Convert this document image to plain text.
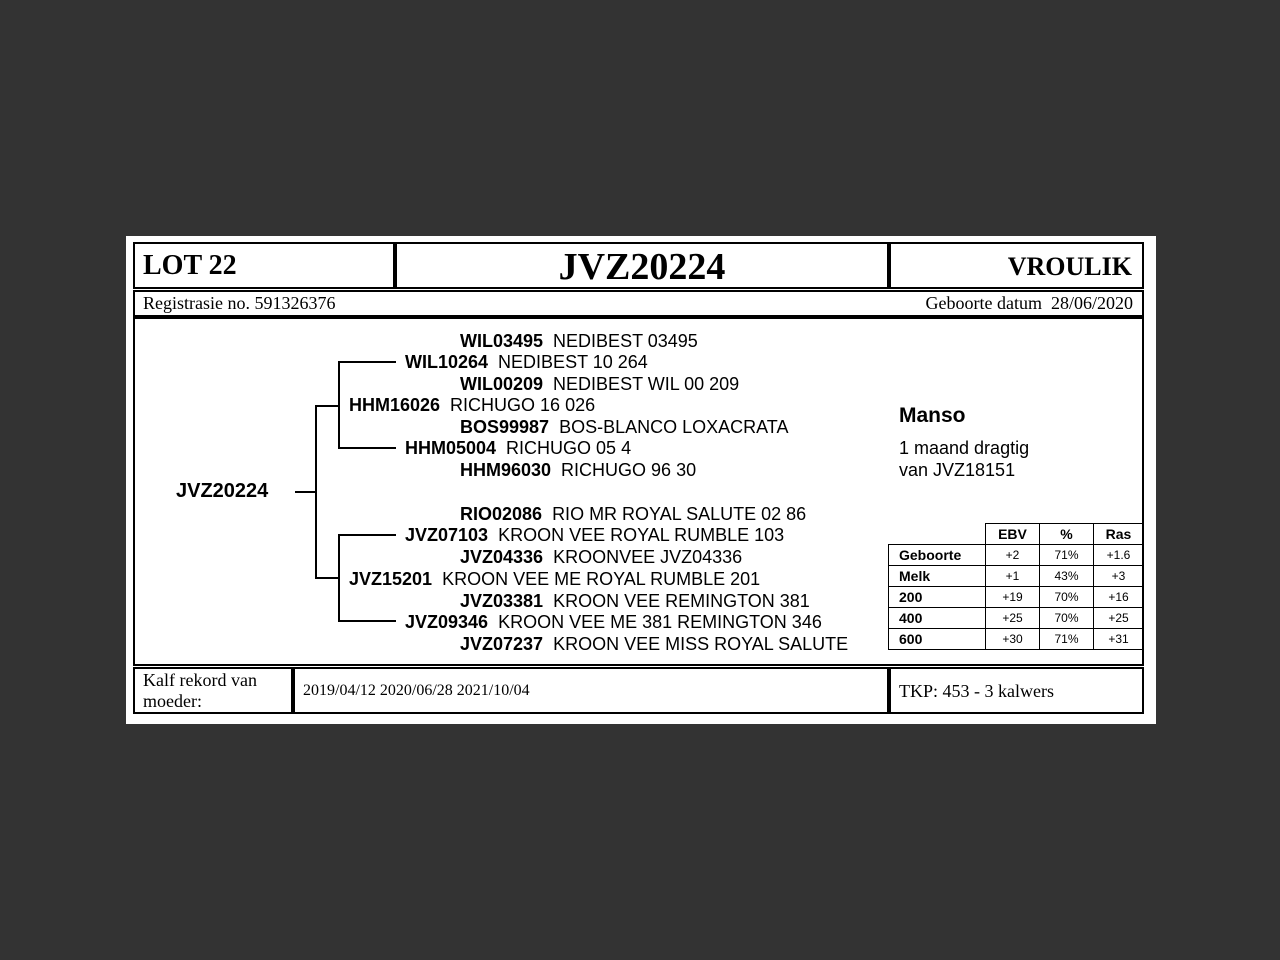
LOT 22	JVZ20224	VROULIK
Registrasie no. 591326376	Geboorte datum  28/06/2020
JVZ20224
WIL03495 NEDIBEST 03495
WIL10264 NEDIBEST 10 264
WIL00209 NEDIBEST WIL 00 209
HHM16026 RICHUGO 16 026
BOS99987 BOS-BLANCO LOXACRATA
HHM05004 RICHUGO 05 4
HHM96030 RICHUGO 96 30
RIO02086 RIO MR ROYAL SALUTE 02 86
JVZ07103 KROON VEE ROYAL RUMBLE 103
JVZ04336 KROONVEE JVZ04336
JVZ15201 KROON VEE ME ROYAL RUMBLE 201
JVZ03381 KROON VEE REMINGTON 381
JVZ09346 KROON VEE ME 381 REMINGTON 346
JVZ07237 KROON VEE MISS ROYAL SALUTE
Manso
1 maand dragtig
van JVZ18151
	EBV	%	Ras
Geboorte	+2	71%	+1.6
Melk	+1	43%	+3
200	+19	70%	+16
400	+25	70%	+25
600	+30	71%	+31
Kalf rekord van
moeder:
2019/04/12 2020/06/28 2021/10/04	TKP: 453 - 3 kalwers
